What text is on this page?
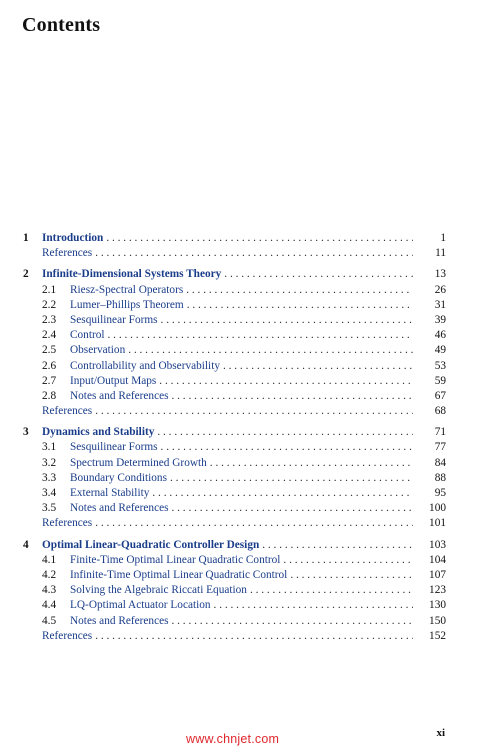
Contents
1 Introduction . . .	1
References . . .	11
2 Infinite-Dimensional Systems Theory . . .	13
2.1 Riesz-Spectral Operators . . .	26
2.2 Lumer–Phillips Theorem . . .	31
2.3 Sesquilinear Forms . . .	39
2.4 Control . . .	46
2.5 Observation . . .	49
2.6 Controllability and Observability . . .	53
2.7 Input/Output Maps . . .	59
2.8 Notes and References . . .	67
References . . .	68
3 Dynamics and Stability . . .	71
3.1 Sesquilinear Forms . . .	77
3.2 Spectrum Determined Growth . . .	84
3.3 Boundary Conditions . . .	88
3.4 External Stability . . .	95
3.5 Notes and References . . .	100
References . . .	101
4 Optimal Linear-Quadratic Controller Design . . .	103
4.1 Finite-Time Optimal Linear Quadratic Control . . .	104
4.2 Infinite-Time Optimal Linear Quadratic Control . . .	107
4.3 Solving the Algebraic Riccati Equation . . .	123
4.4 LQ-Optimal Actuator Location . . .	130
4.5 Notes and References . . .	150
References . . .	152
xi
www.chnjet.com
